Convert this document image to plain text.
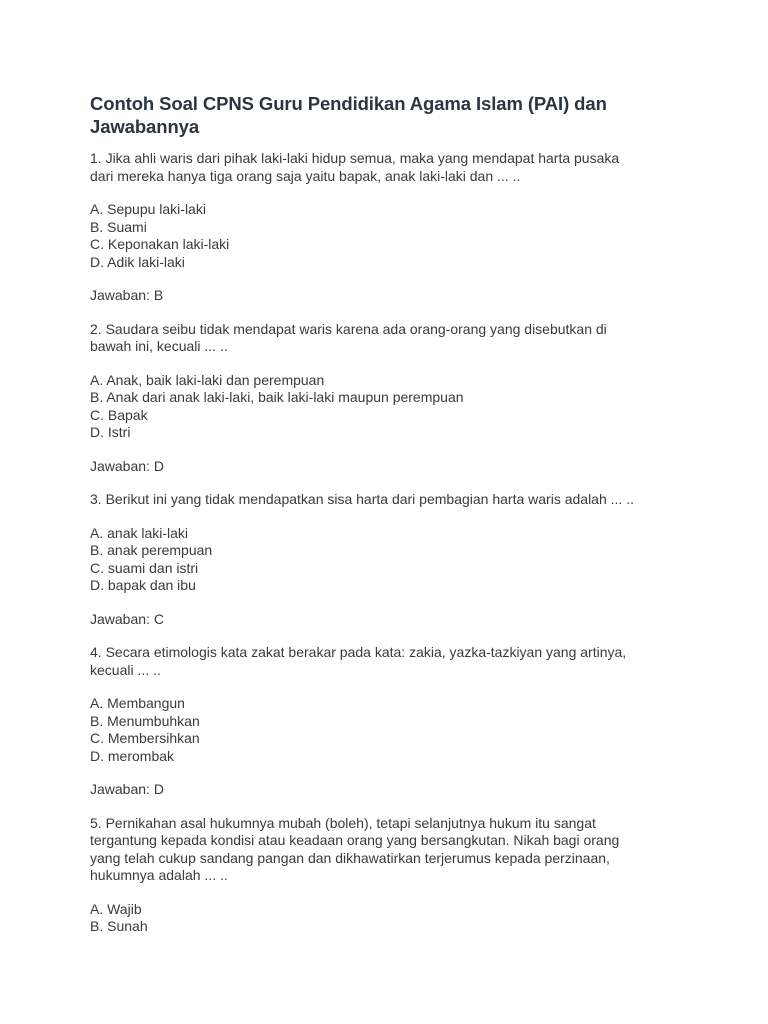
Contoh Soal CPNS Guru Pendidikan Agama Islam (PAI) dan Jawabannya

1. Jika ahli waris dari pihak laki-laki hidup semua, maka yang mendapat harta pusaka
dari mereka hanya tiga orang saja yaitu bapak, anak laki-laki dan ... ..

A. Sepupu laki-laki
B. Suami
C. Keponakan laki-laki
D. Adik laki-laki

Jawaban: B

2. Saudara seibu tidak mendapat waris karena ada orang-orang yang disebutkan di
bawah ini, kecuali ... ..

A. Anak, baik laki-laki dan perempuan
B. Anak dari anak laki-laki, baik laki-laki maupun perempuan
C. Bapak
D. Istri

Jawaban: D

3. Berikut ini yang tidak mendapatkan sisa harta dari pembagian harta waris adalah ... ..

A. anak laki-laki
B. anak perempuan
C. suami dan istri
D. bapak dan ibu

Jawaban: C

4. Secara etimologis kata zakat berakar pada kata: zakia, yazka-tazkiyan yang artinya,
kecuali ... ..

A. Membangun
B. Menumbuhkan
C. Membersihkan
D. merombak

Jawaban: D

5. Pernikahan asal hukumnya mubah (boleh), tetapi selanjutnya hukum itu sangat
tergantung kepada kondisi atau keadaan orang yang bersangkutan. Nikah bagi orang
yang telah cukup sandang pangan dan dikhawatirkan terjerumus kepada perzinaan,
hukumnya adalah ... ..

A. Wajib
B. Sunah
